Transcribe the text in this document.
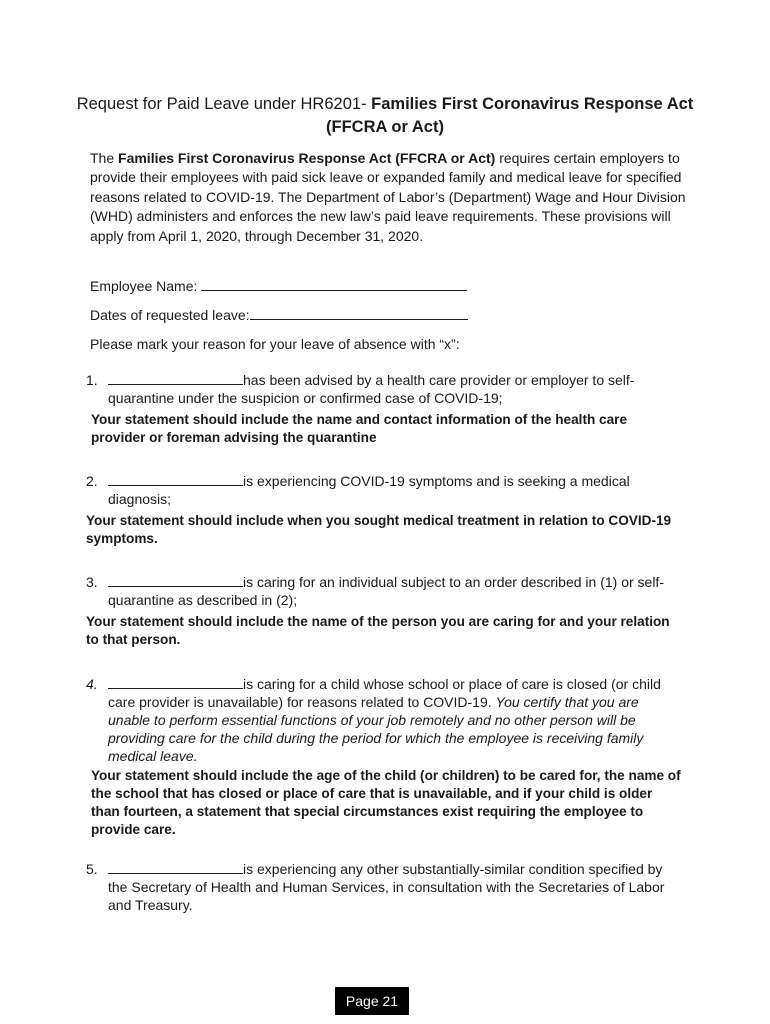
Request for Paid Leave under HR6201- Families First Coronavirus Response Act (FFCRA or Act)
The Families First Coronavirus Response Act (FFCRA or Act) requires certain employers to provide their employees with paid sick leave or expanded family and medical leave for specified reasons related to COVID-19. The Department of Labor’s (Department) Wage and Hour Division (WHD) administers and enforces the new law’s paid leave requirements. These provisions will apply from April 1, 2020, through December 31, 2020.
Employee Name:
Dates of requested leave:
Please mark your reason for your leave of absence with “x”:
1.	has been advised by a health care provider or employer to self-quarantine under the suspicion or confirmed case of COVID-19;
Your statement should include the name and contact information of the health care provider or foreman advising the quarantine
2.	is experiencing COVID-19 symptoms and is seeking a medical diagnosis;
Your statement should include when you sought medical treatment in relation to COVID-19 symptoms.
3.	is caring for an individual subject to an order described in (1) or self-quarantine as described in (2);
Your statement should include the name of the person you are caring for and your relation to that person.
4.	is caring for a child whose school or place of care is closed (or child care provider is unavailable) for reasons related to COVID-19. You certify that you are unable to perform essential functions of your job remotely and no other person will be providing care for the child during the period for which the employee is receiving family medical leave.
Your statement should include the age of the child (or children) to be cared for, the name of the school that has closed or place of care that is unavailable, and if your child is older than fourteen, a statement that special circumstances exist requiring the employee to provide care.
5.	is experiencing any other substantially-similar condition specified by the Secretary of Health and Human Services, in consultation with the Secretaries of Labor and Treasury.
Page 21
